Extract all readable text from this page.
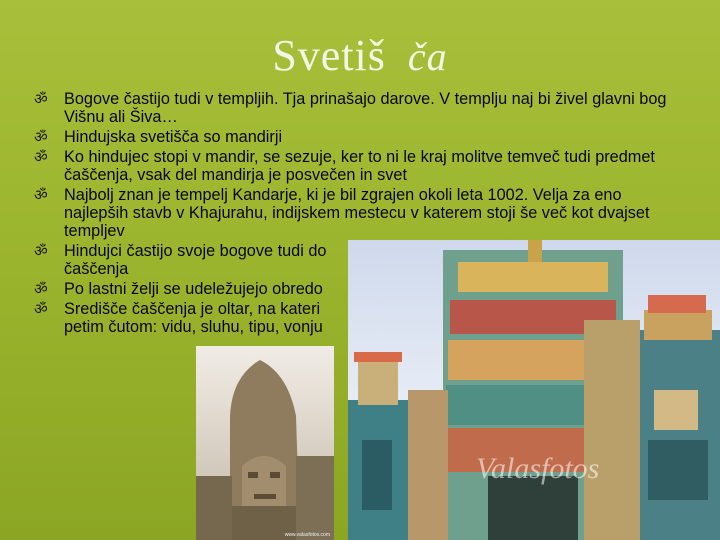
Svetiš ča
ॐ Bogove častijo tudi v templjih. Tja prinašajo darove. V templju naj bi živel glavni bog Višnu ali Šiva…
ॐ Hindujska svetišča so mandirji
ॐ Ko hindujec stopi v mandir, se sezuje, ker to ni le kraj molitve temveč tudi predmet čaščenja, vsak del mandirja je posvečen in svet
ॐ Najbolj znan je tempelj Kandarje, ki je bil zgrajen okoli leta 1002. Velja za eno najlepših stavb v Khajurahu, indijskem mestecu v katerem stoji še več kot dvajset templjev
ॐ Hindujci častijo svoje bogove tudi do
čaščenja
ॐ Po lastni želji se udeležujejo obredo
ॐ Središče čaščenja je oltar, na kateri
petim čutom: vidu, sluhu, tipu, vonju
Valasfotos
www.valasfotos.com
